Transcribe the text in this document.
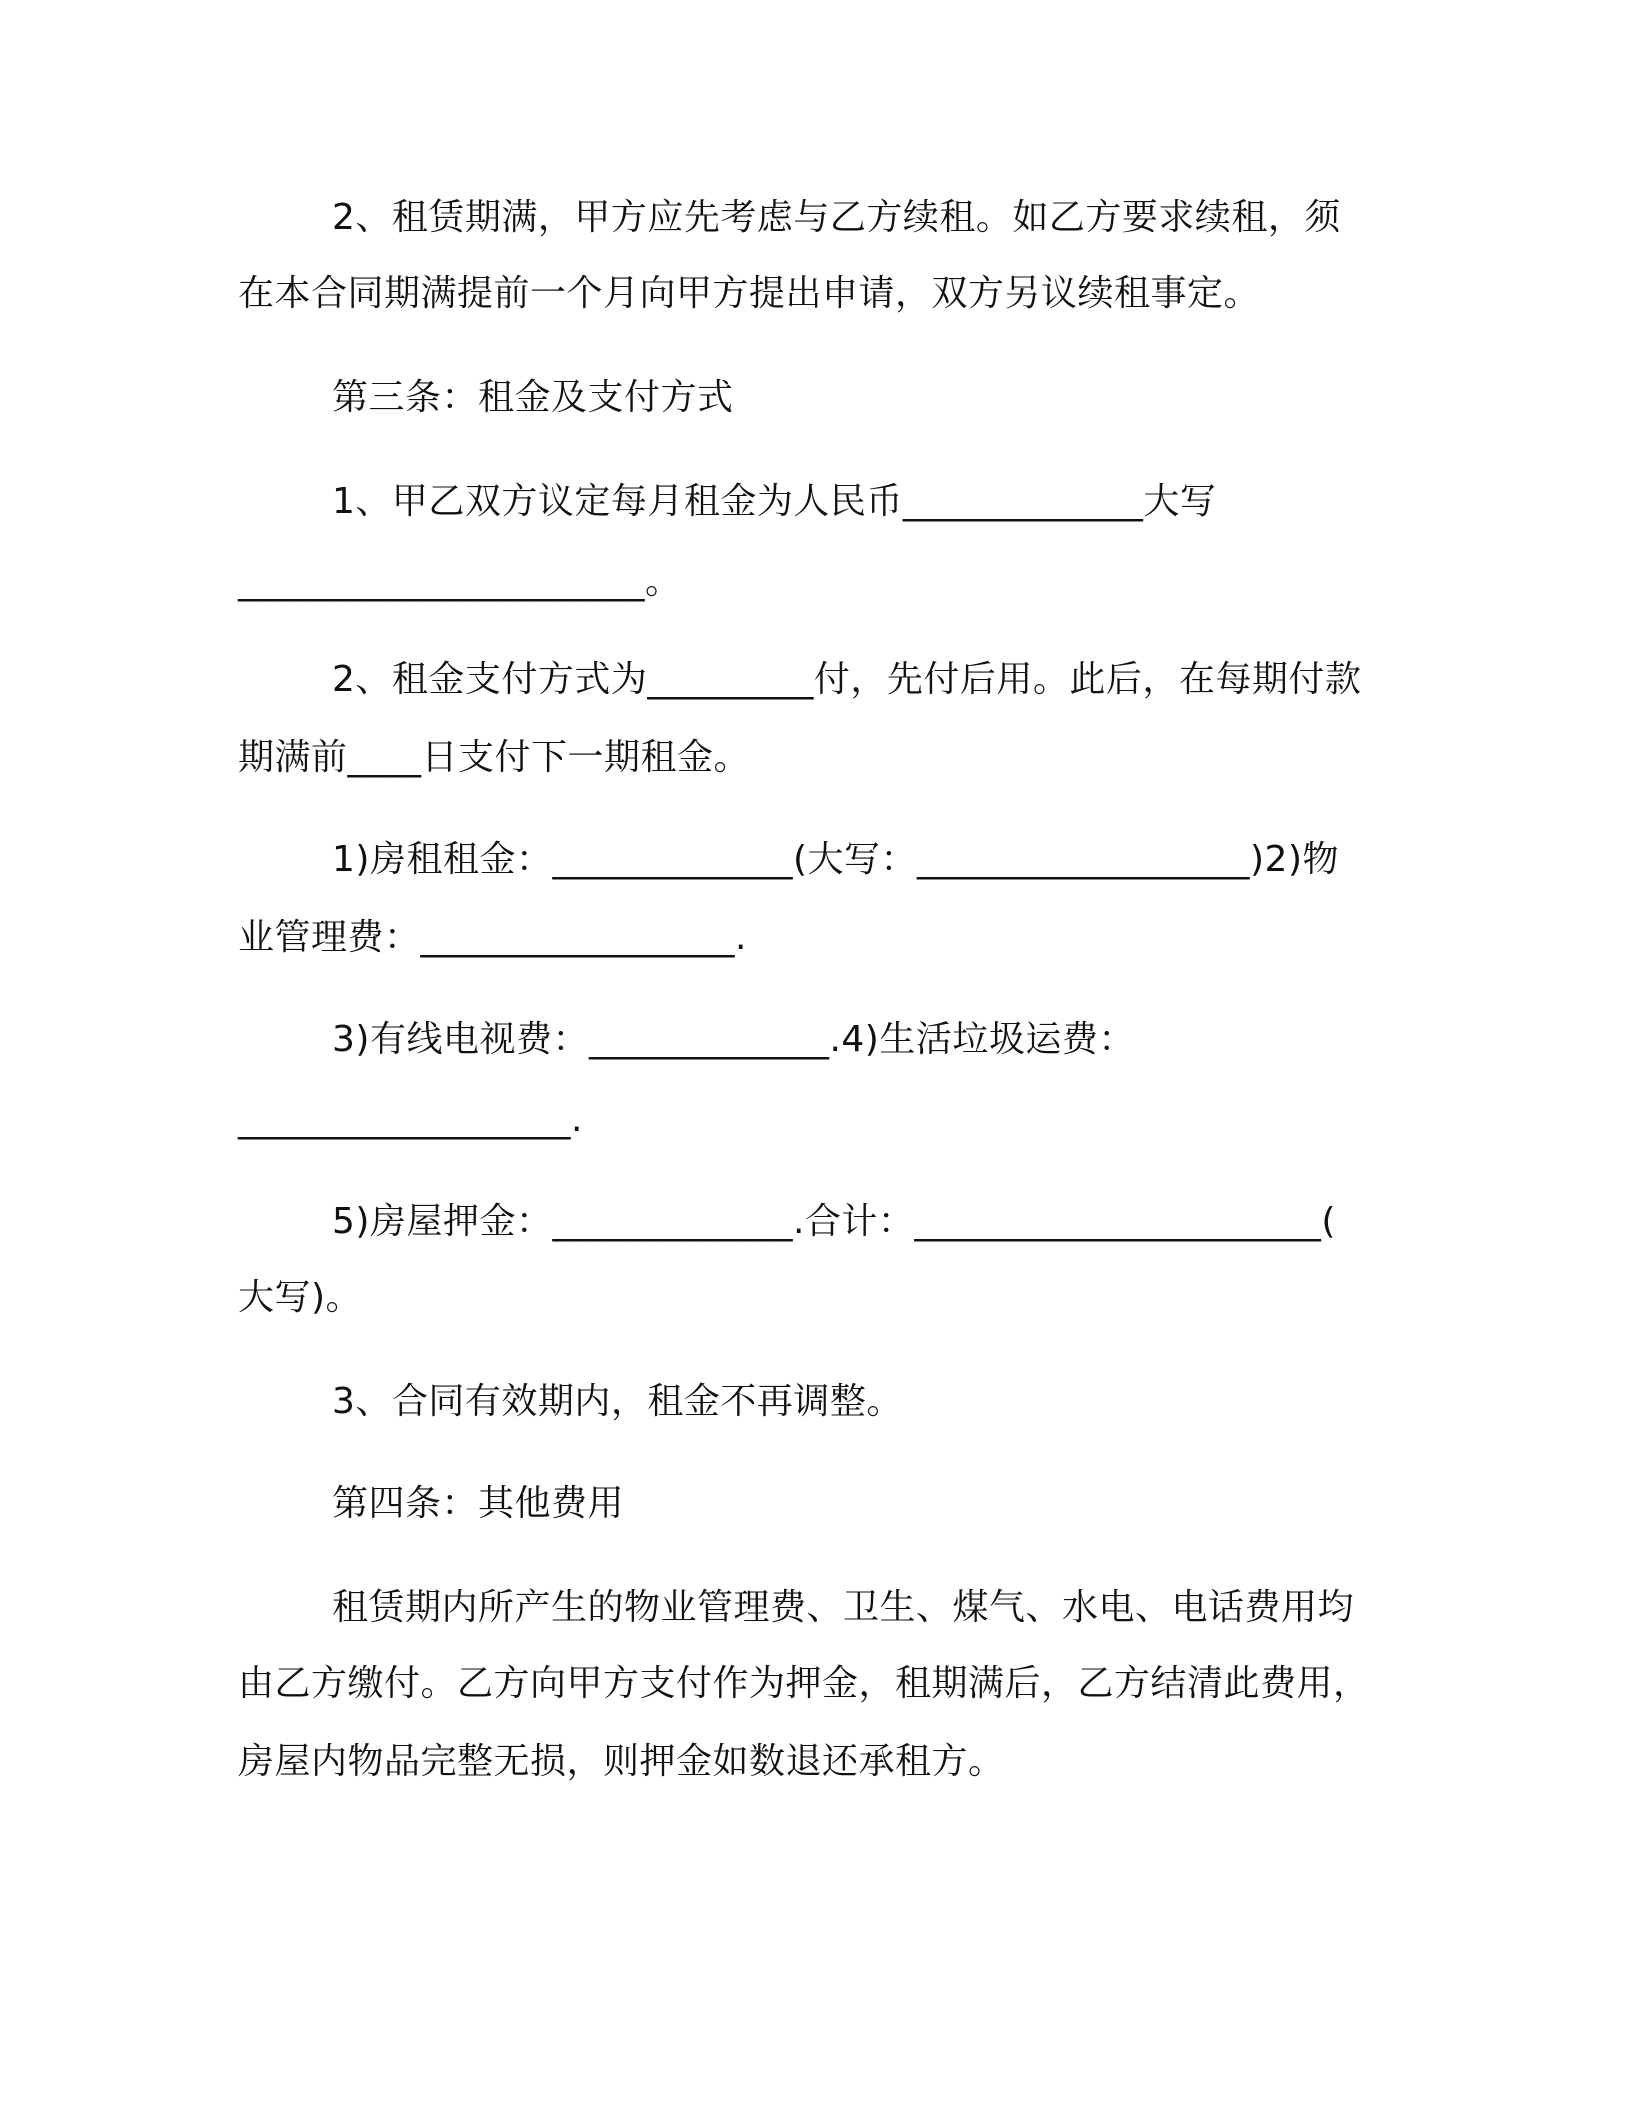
2、租赁期满，甲方应先考虑与乙方续租。如乙方要求续租，须

在本合同期满提前一个月向甲方提出申请，双方另议续租事定。

第三条：租金及支付方式

1、甲乙双方议定每月租金为人民币_____________大写

______________________。

2、租金支付方式为_________付，先付后用。此后，在每期付款

期满前____日支付下一期租金。

1)房租租金：_____________(大写：__________________)2)物

业管理费：_________________.

3)有线电视费：_____________.4)生活垃圾运费：

__________________.

5)房屋押金：_____________.合计：______________________(

大写)。

3、合同有效期内，租金不再调整。

第四条：其他费用

租赁期内所产生的物业管理费、卫生、煤气、水电、电话费用均

由乙方缴付。乙方向甲方支付作为押金，租期满后，乙方结清此费用，

房屋内物品完整无损，则押金如数退还承租方。
